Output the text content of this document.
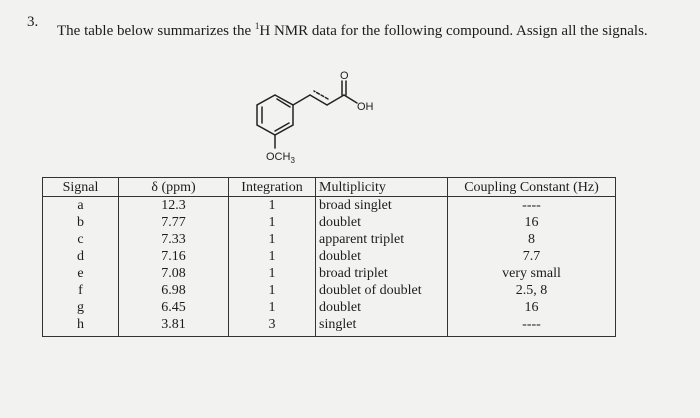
3.
The table below summarizes the $^1$H NMR data for the following compound. Assign all the signals.
O
OH
$OCH_3$
Signal	δ (ppm)	Integration	Multiplicity	Coupling Constant (Hz)
a	12.3	1	broad singlet	----
b	7.77	1	doublet	16
c	7.33	1	apparent triplet	8
d	7.16	1	doublet	7.7
e	7.08	1	broad triplet	very small
f	6.98	1	doublet of doublet	2.5, 8
g	6.45	1	doublet	16
h	3.81	3	singlet	----
